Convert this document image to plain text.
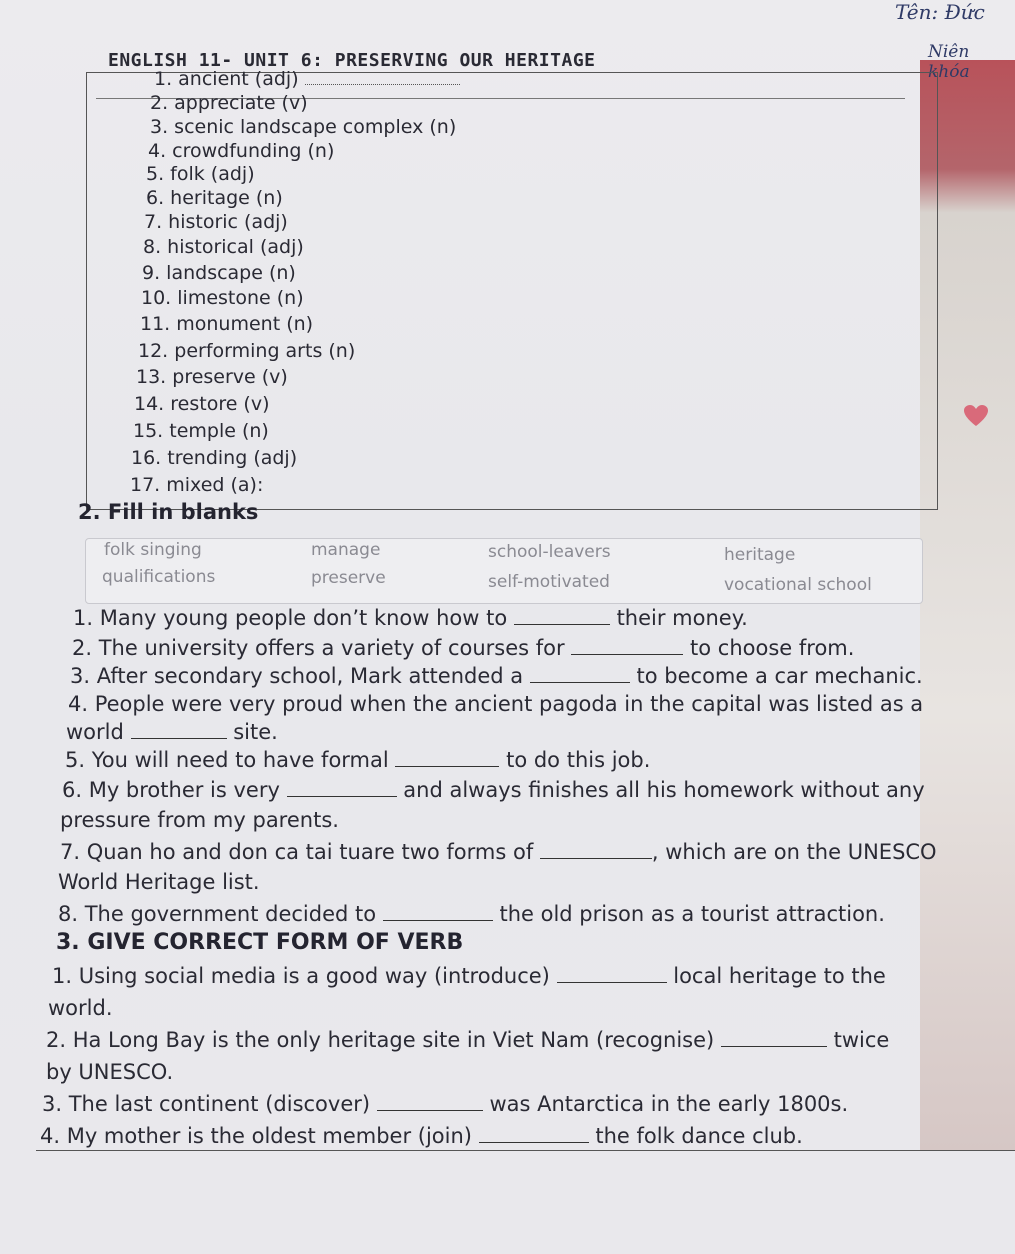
Tên: Đức
Niên khóa
ENGLISH 11- UNIT 6: PRESERVING OUR HERITAGE
1. ancient (adj)
2. appreciate (v)
3. scenic landscape complex (n)
4. crowdfunding (n)
5. folk (adj)
6. heritage (n)
7. historic (adj)
8. historical (adj)
9. landscape (n)
10. limestone (n)
11. monument (n)
12. performing arts (n)
13. preserve (v)
14. restore (v)
15. temple (n)
16. trending (adj)
17. mixed (a):
2. Fill in blanks
folk singing	manage	school-leavers	heritage
qualifications	preserve	self-motivated	vocational school
1. Many young people don’t know how to	their money.
2. The university offers a variety of courses for	to choose from.
3. After secondary school, Mark attended a	to become a car mechanic.
4. People were very proud when the ancient pagoda in the capital was listed as a
world	site.
5. You will need to have formal	to do this job.
6. My brother is very	and always finishes all his homework without any
pressure from my parents.
7. Quan ho and don ca tai tuare two forms of	, which are on the UNESCO
World Heritage list.
8. The government decided to	the old prison as a tourist attraction.
3. GIVE CORRECT FORM OF VERB
1. Using social media is a good way (introduce)	local heritage to the
world.
2. Ha Long Bay is the only heritage site in Viet Nam (recognise)	twice
by UNESCO.
3. The last continent (discover)	was Antarctica in the early 1800s.
4. My mother is the oldest member (join)	the folk dance club.
